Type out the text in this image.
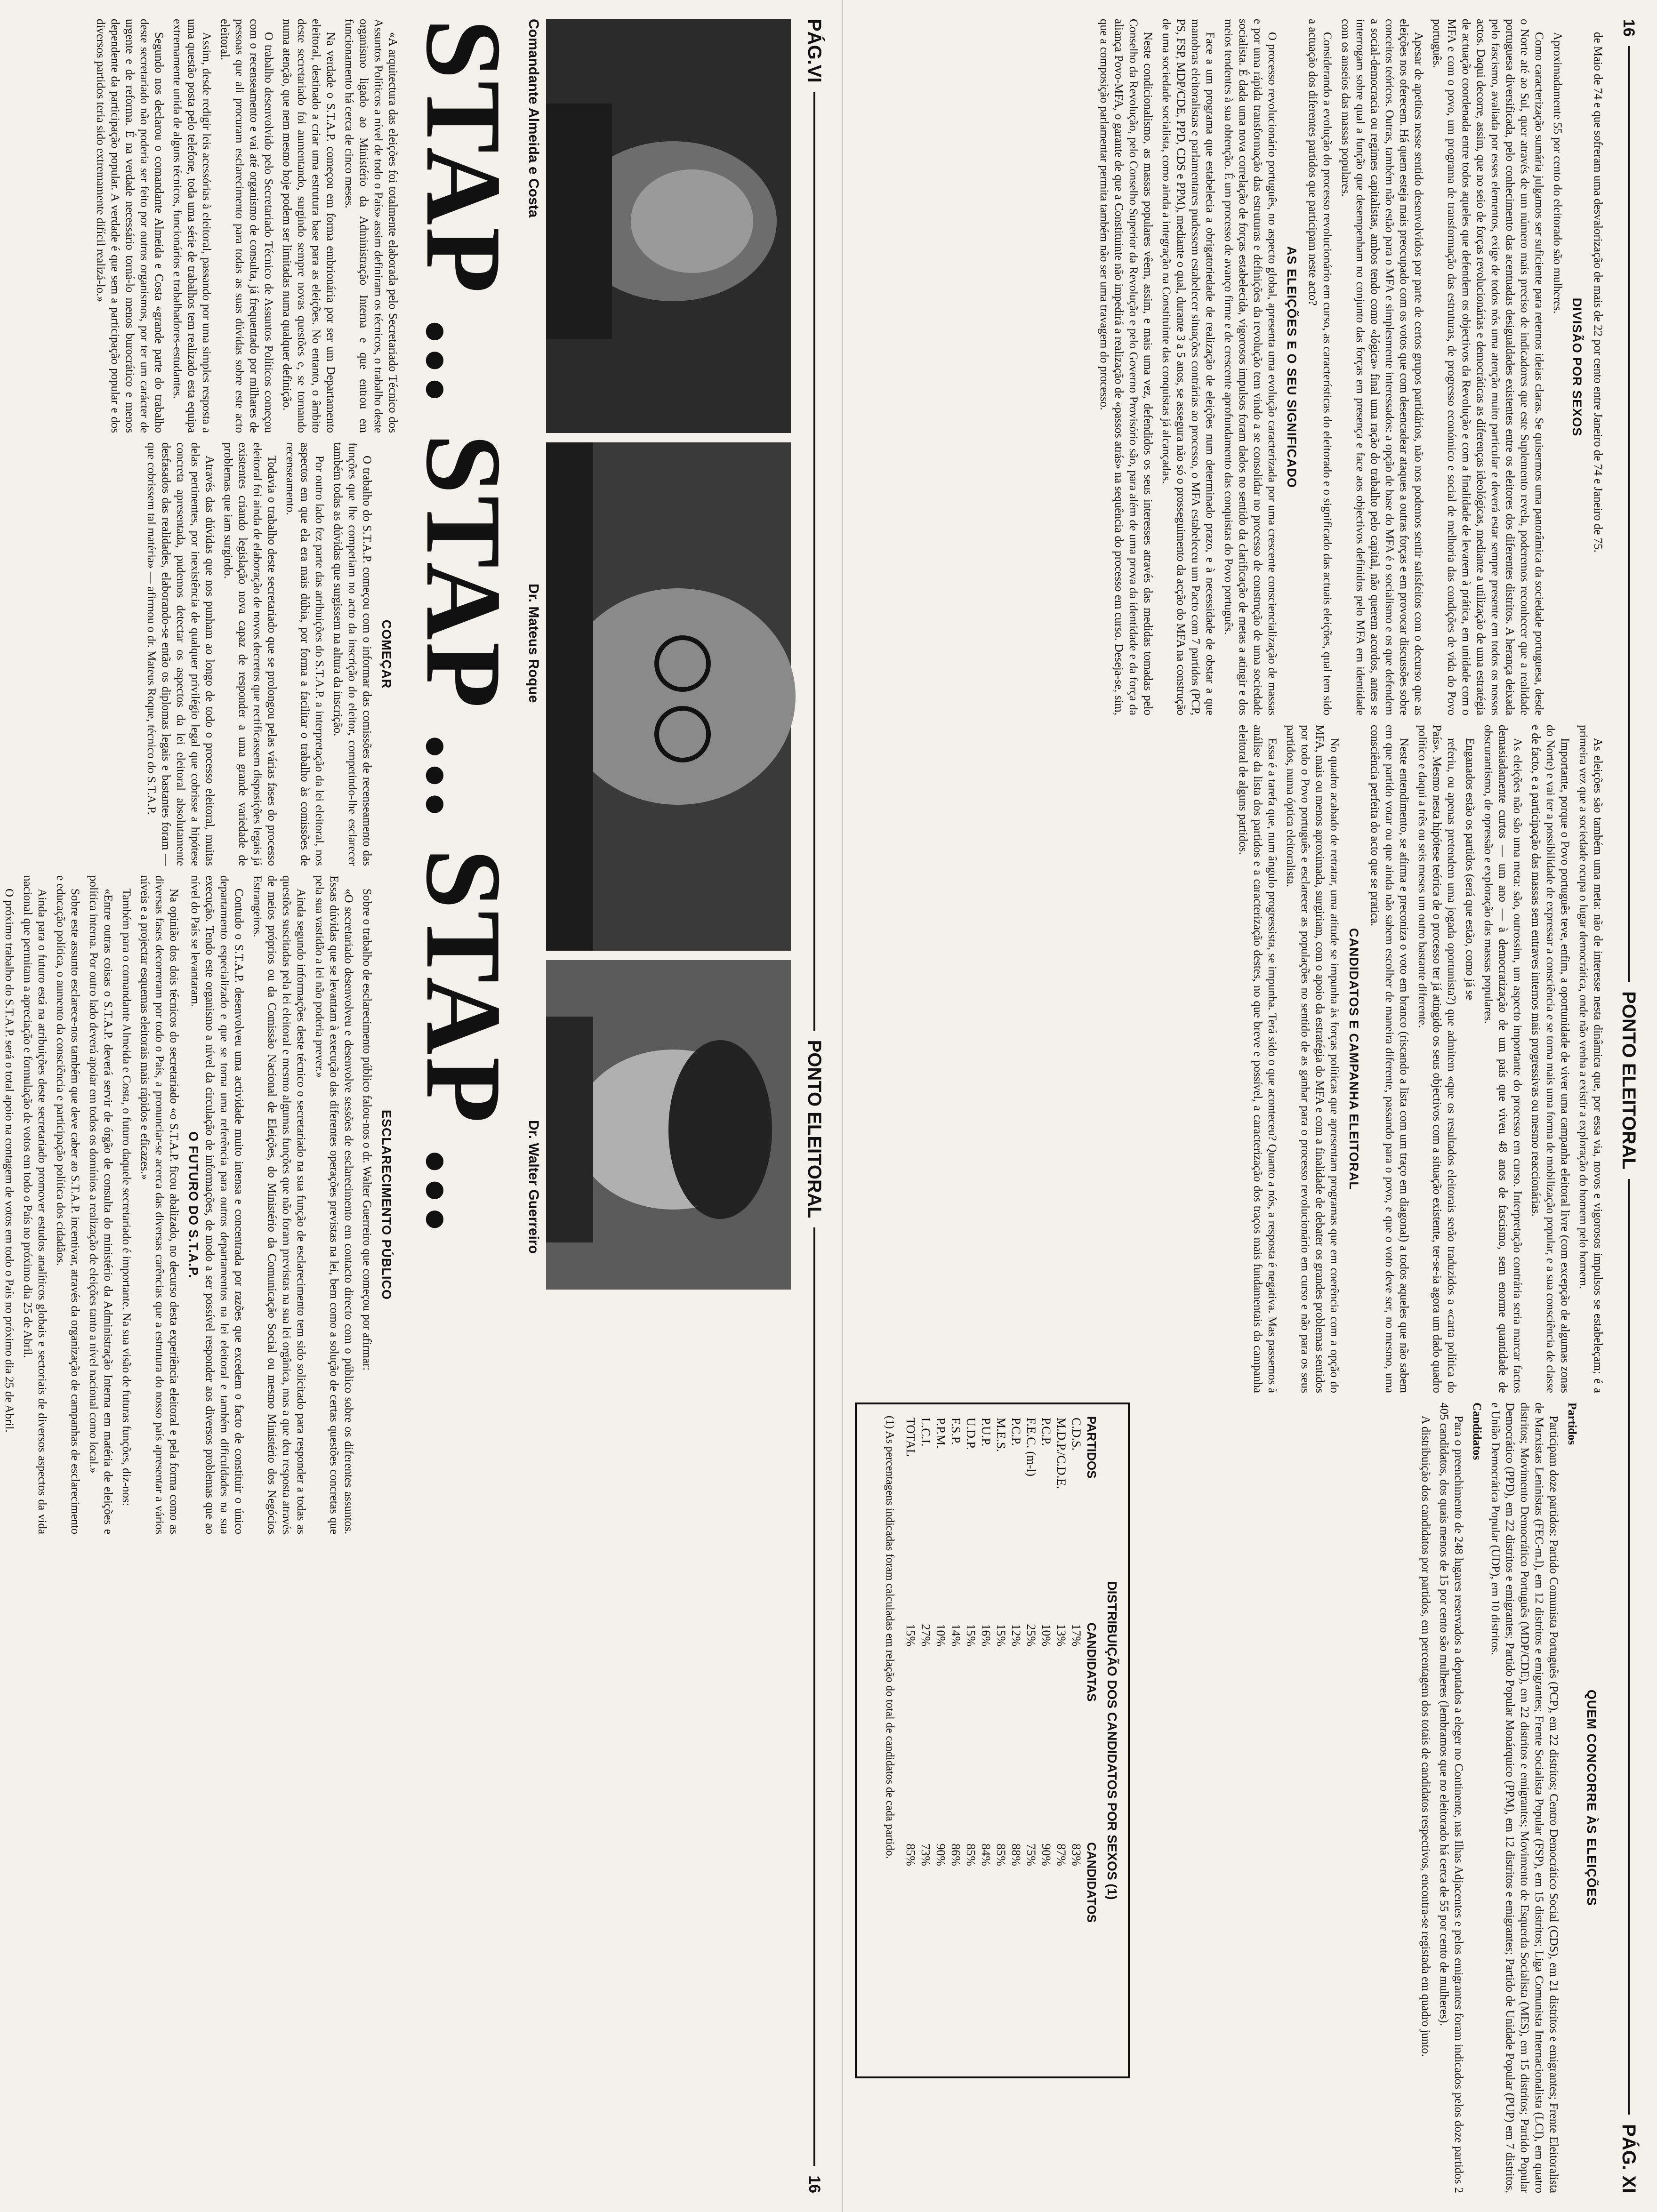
PÁG.VI
PONTO ELEITORAL
16
Comandante Almeida e Costa
Dr. Mateus Roque
Dr. Walter Guerreiro
STAP ... STAP ... STAP ...

«A arquitectura das eleições foi totalmente elaborada pelo Secretariado Técnico dos Assuntos Políticos a nível de todo o País» assim definiram os técnicos, o trabalho deste organismo ligado ao Ministério da Administração Interna e que entrou em funcionamento há cerca de cinco meses.

Na verdade o S.T.A.P. começou em forma embrionária por ser um Departamento eleitoral, destinado a criar uma estrutura base para as eleições. No entanto, o âmbito deste secretariado foi aumentando, surgindo sempre novas questões e, se tornando numa atenção, que nem mesmo hoje podem ser limitadas numa qualquer definição.

O trabalho desenvolvido pelo Secretariado Técnico de Assuntos Políticos começou com o recenseamento e vai até organismo de consulta, já frequentado por milhares de pessoas que ali procuram esclarecimento para todas as suas dúvidas sobre este acto eleitoral.

Assim, desde redigir leis acessórias à eleitoral, passando por uma simples resposta a uma questão posta pelo telefone, toda uma série de trabalhos tem realizado esta equipa extremamente unida de alguns técnicos, funcionários e trabalhadores-estudantes.

Segundo nos declarou o comandante Almeida e Costa «grande parte do trabalho deste secretariado não poderia ser feito por outros organismos, por ter um carácter de urgente e de reforma. É na verdade necessário torná-lo menos burocrático e menos dependente da participação popular. A verdade é que sem a participação popular e dos diversos partidos teria sido extremamente difícil realizá-lo.»

COMEÇAR

O trabalho do S.T.A.P. começou com o informar das comissões de recenseamento das funções que lhe competiam no acto da inscrição do eleitor, competindo-lhe esclarecer também todas as dúvidas que surgissem na altura da inscrição.

Por outro lado fez parte das atribuições do S.T.A.P. a interpretação da lei eleitoral, nos aspectos em que ela era mais dúbia, por forma a facilitar o trabalho às comissões de recenseamento.

Todavia o trabalho deste secretariado que se prolongou pelas várias fases do processo eleitoral foi ainda de elaboração de novos decretos que rectificassem disposições legais já existentes criando legislação nova capaz de responder a uma grande variedade de problemas que iam surgindo.

Através das dúvidas que nos punham ao longo de todo o processo eleitoral, muitas delas pertinentes, por inexistência de qualquer privilégio legal que cobrisse a hipótese concreta apresentada, pudemos detectar os aspectos da lei eleitoral absolutamente desfasados das realidades, elaborando-se então os diplomas legais e bastantes foram — que cobrissem tal matéria» — afirmou o dr. Mateus Roque, técnico do S.T.A.P.

ESCLARECIMENTO PÚBLICO

Sobre o trabalho de esclarecimento público falou-nos o dr. Walter Guerreiro que começou por afirmar:

«O secretariado desenvolveu e desenvolve sessões de esclarecimento em contacto directo com o público sobre os diferentes assuntos. Essas dúvidas que se levantam à execução das diferentes operações previstas na lei, bem como a solução de certas questões concretas que pela sua vastidão a lei não poderia prever.»

Ainda segundo informações deste técnico o secretariado na sua função de esclarecimento tem sido solicitado para responder a todas as questões suscitadas pela lei eleitoral e mesmo algumas funções que não foram previstas na sua lei orgânica, mas a que deu resposta através de meios próprios ou da Comissão Nacional de Eleições, do Ministério da Comunicação Social ou mesmo Ministério dos Negócios Estrangeiros.

Contudo o S.T.A.P. desenvolveu uma actividade muito intensa e concentrada por razões que excedem o facto de constituir o único departamento especializado e que se torna uma referência para outros departamentos na lei eleitoral e também dificuldades na sua execução. Tendo este organismo a nível da circulação de informações, de modo a ser possível responder aos diversos problemas que ao nível do País se levantaram.

O FUTURO DO S.T.A.P.

Na opinião dos dois técnicos do secretariado «o S.T.A.P. ficou abalizado, no decurso desta experiência eleitoral e pela forma como as diversas fases decorreram por todo o País, a pronunciar-se acerca das diversas carências que a estrutura do nosso país apresentar a vários níveis e a projectar esquemas eleitorais mais rápidos e eficazes.»

Também para o comandante Almeida e Costa, o futuro daquele secretariado é importante. Na sua visão de futuras funções, diz-nos:

«Entre outras coisas o S.T.A.P. deverá servir de órgão de consulta do ministério da Administração Interna em matéria de eleições e política interna. Por outro lado deverá apoiar em todos os domínios a realização de eleições tanto a nível nacional como local.»

Sobre este assunto esclarece-nos também que deve caber ao S.T.A.P. incentivar, através da organização de campanhas de esclarecimento e educação política, o aumento da consciência e participação política dos cidadãos.

Ainda para o futuro está na atribuições deste secretariado promover estudos analíticos globais e sectoriais de diversos aspectos da vida nacional que permitam a apreciação e formulação de votos em todo o País no próximo dia 25 de Abril.

O próximo trabalho do S.T.A.P. será o total apoio na contagem de votos em todo o País no próximo dia 25 de Abril.

16
PONTO ELEITORAL
PÁG. XI

de Maio de 74 e que sofreram uma desvalorização de mais de 22 por cento entre Janeiro de 74 e Janeiro de 75.

DIVISÃO POR SEXOS

Aproximadamente 55 por cento do eleitorado são mulheres.

Como caracterização sumária julgamos ser suficiente para reternos ideias claras. Se quisermos uma panorâmica da sociedade portuguesa, desde o Norte até ao Sul, quer através de um número mais preciso de indicadores que este Suplemento revela, poderemos reconhecer que a realidade portuguesa diversificada, pelo conhecimento das acentuadas desigualdades existentes entre os eleitores dos diferentes distritos. A herança deixada pelo fascismo, avaliada por esses elementos, exige de todos nós uma atenção muito particular e deverá estar sempre presente em todos os nossos actos. Daqui decorre, assim, que no seio de forças revolucionárias e democráticas as diferenças ideológicas, mediante a utilização de uma estratégia de actuação coordenada entre todos aqueles que defendem os objectivos da Revolução e com a finalidade de levarem à prática, em unidade com o MFA e com o povo, um programa de transformação das estruturas, de progresso económico e social de melhoria das condições de vida do Povo português.

Apesar de apetites nesse sentido desenvolvidos por parte de certos grupos partidários, não nos podemos sentir satisfeitos com o decurso que as eleições nos oferecem. Há quem esteja mais preocupado com os votos que com desencadear ataques a outras forças e em provocar discussões sobre conceitos teóricos. Outras, também não estão para o MFA e simplesmente interessados: a opção de base do MFA é o socialismo e os que defendem a social-democracia ou regimes capitalistas, ambos tendo como «lógica» final uma ração do trabalho pelo capital, não querem acordos, antes se interrogam sobre qual a função que desempenham no conjunto das forças em presença e face aos objectivos definidos pelo MFA em identidade com os anseios das massas populares.

Considerando a evolução do processo revolucionário em curso, as características do eleitorado e o significado das actuais eleições, qual tem sido a actuação dos diferentes partidos que participam neste acto?

AS ELEIÇÕES E O SEU SIGNIFICADO

O processo revolucionário português, no aspecto global, apresenta uma evolução caracterizada por uma crescente consciencialização de massas e por uma rápida transformação das estruturas e definições da revolução tem vindo a se consolidar no processo de construção de uma sociedade socialista. É dada uma nova correlação de forças estabelecida, vigorosos impulsos foram dados no sentido da clarificação de metas a atingir e dos meios tendentes à sua obtenção. É um processo de avanço firme e de crescente aprofundamento das conquistas do Povo português.

Face a um programa que estabelecia a obrigatoriedade de realização de eleições num determinado prazo, e à necessidade de obstar a que manobras eleitoralistas e parlamentares pudessem estabelecer situações contrárias ao processo, o MFA estabeleceu um Pacto com 7 partidos (PCP, PS, FSP, MDP/CDE, PPD, CDS e PPM), mediante o qual, durante 3 a 5 anos, se assegura não só o prosseguimento da acção do MFA na construção de uma sociedade socialista, como ainda a integração na Constituinte das conquistas já alcançadas.

Neste condicionalismo, as massas populares vêem, assim, e mais uma vez, defendidos os seus interesses através das medidas tomadas pelo Conselho da Revolução, pelo Conselho Superior da Revolução e pelo Governo Provisório são, para além de uma prova da identidade e da força da aliança Povo-MFA, o garante de que a Constituinte não impedirá a realização de «passos atrás» na sequência do processo em curso. Deseja-se, sim, que a composição parlamentar permita também não ser uma travagem do processo.

As eleições são também uma meta: não de interesse nesta dinâmica que, por essa via, novos e vigorosos impulsos se estabeleçam; é a primeira vez que a sociedade ocupa o lugar democrática, onde não venha a existir a exploração do homem pelo homem.

Importante, porque o Povo português teve, enfim, a oportunidade de viver uma campanha eleitoral livre (com excepção de algumas zonas do Norte) e vai ter a possibilidade de expressar a consciência e se torna mais uma forma de mobilização popular, e a sua consciência de classe e de facto, e a participação das massas sem entraves internos mais progressivas ou mesmo reaccionárias.

As eleições não são uma meta: são, outrossim, um aspecto importante do processo em curso. Interpretação contrária seria marcar factos demasiadamente curtos — um ano — à democratização de um país que viveu 48 anos de fascismo, sem enorme quantidade de obscurantismo, de opressão e exploração das massas populares.

Enganados estão os partidos (será que estão, como já se

referiu, ou apenas pretendem uma jogada oportunista?) que admitem «que os resultados eleitorais serão traduzidos a «carta política do País». Mesmo nesta hipótese teórica de o processo ter já atingido os seus objectivos com a situação existente, ter-se-ia agora um dado quadro político e daqui a três ou seis meses um outro bastante diferente.

Neste entendimento, se afirma e preconiza o voto em branco (riscando a lista com um traço em diagonal) a todos aqueles que não sabem em que partido votar ou que ainda não sabem escolher de maneira diferente, passando para o povo, e que o voto deve ser, no mesmo, uma consciência perfeita do acto que se pratica.

CANDIDATOS E CAMPANHA ELEITORAL

No quadro acabado de retratar, uma atitude se impunha às forças políticas que apresentam programas que em coerência com a opção do MFA, mais ou menos aproximada, surgiriam, com o apoio da estratégia do MFA e com a finalidade de debater os grandes problemas sentidos por todo o Povo português e esclarecer as populações no sentido de as ganhar para o processo revolucionário em curso e não para os seus partidos, numa óptica eleitoralista.

Essa é a tarefa que, num ângulo progressista, se impunha. Terá sido o que aconteceu? Quanto a nós, a resposta é negativa. Mas passemos à análise da lista dos partidos e a caracterização destes, no que breve e possível, a caracterização dos traços mais fundamentais da campanha eleitoral de alguns partidos.

QUEM CONCORRE ÀS ELEIÇÕES

Partidos

Participam doze partidos: Partido Comunista Português (PCP), em 22 distritos; Centro Democrático Social (CDS), em 21 distritos e emigrantes; Frente Eleitoralista de Marxistas Leninistas (FEC-m.l), em 12 distritos e emigrantes; Frente Socialista Popular (FSP), em 15 distritos; Liga Comunista Internacionalista (LCI), em quatro distritos; Movimento Democrático Português (MDP/CDE), em 22 distritos e emigrantes; Movimento de Esquerda Socialista (MES), em 15 distritos; Partido Popular Democrático (PPD), em 22 distritos e emigrantes; Partido Popular Monárquico (PPM), em 12 distritos e emigrantes; Partido de Unidade Popular (PUP) em 7 distritos, e União Democrática Popular (UDP), em 10 distritos.

Candidatos

Para o preenchimento de 248 lugares reservados a deputados a eleger no Continente, nas Ilhas Adjacentes e pelos emigrantes foram indicados pelos doze partidos 2 405 candidatos, dos quais menos de 15 por cento são mulheres (lembramos que no eleitorado há cerca de 55 por cento de mulheres).

A distribuição dos candidatos por partidos, em percentagem dos totais de candidatos respectivos, encontra-se registada em quadro junto.

DISTRIBUIÇÃO DOS CANDIDATOS POR SEXOS (1)
PARTIDOS	CANDIDATAS	CANDIDATOS
C.D.S.	17%	83%
M.D.P./C.D.E.	13%	87%
P.C.P.	10%	90%
F.E.C. (m-l)	25%	75%
P.C.P.	12%	88%
M.E.S.	15%	85%
P.U.P.	16%	84%
U.D.P.	15%	85%
F.S.P.	14%	86%
P.P.M.	10%	90%
L.C.I.	27%	73%
TOTAL	15%	85%
(1) As percentagens indicadas foram calculadas em relação do total de candidatos de cada partido.
